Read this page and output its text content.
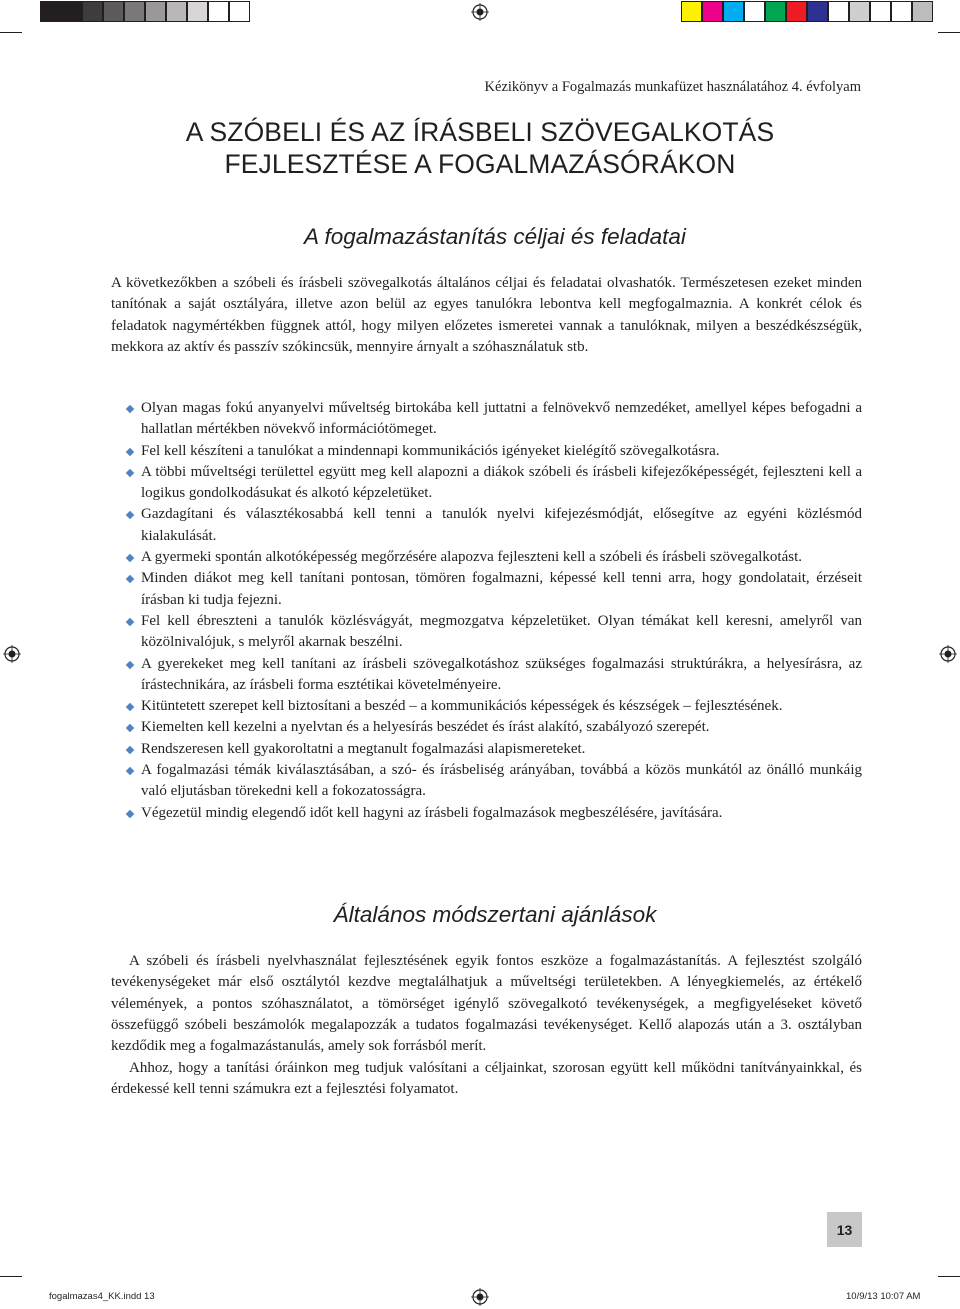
Kézikönyv a Fogalmazás munkafüzet használatához 4. évfolyam
A SZÓBELI ÉS AZ ÍRÁSBELI SZÖVEGALKOTÁS
FEJLESZTÉSE A FOGALMAZÁSÓRÁKON
A fogalmazástanítás céljai és feladatai

A következőkben a szóbeli és írásbeli szövegalkotás általános céljai és feladatai olvashatók. Természetesen ezeket minden tanítónak a saját osztályára, illetve azon belül az egyes tanulókra lebontva kell megfogalmaznia. A konkrét célok és feladatok nagymértékben függnek attól, hogy milyen előzetes ismeretei vannak a tanulóknak, milyen a beszédkészségük, mekkora az aktív és passzív szókincsük, mennyire árnyalt a szóhasználatuk stb.

Olyan magas fokú anyanyelvi műveltség birtokába kell juttatni a felnövekvő nemzedéket, amellyel képes befogadni a hallatlan mértékben növekvő információtömeget.
Fel kell készíteni a tanulókat a mindennapi kommunikációs igényeket kielégítő szövegalkotásra.
A többi műveltségi területtel együtt meg kell alapozni a diákok szóbeli és írásbeli kifejezőképességét, fejleszteni kell a logikus gondolkodásukat és alkotó képzeletüket.
Gazdagítani és választékosabbá kell tenni a tanulók nyelvi kifejezésmódját, elősegítve az egyéni közlésmód kialakulását.
A gyermeki spontán alkotóképesség megőrzésére alapozva fejleszteni kell a szóbeli és írásbeli szövegalkotást.
Minden diákot meg kell tanítani pontosan, tömören fogalmazni, képessé kell tenni arra, hogy gondolatait, érzéseit írásban ki tudja fejezni.
Fel kell ébreszteni a tanulók közlésvágyát, megmozgatva képzeletüket. Olyan témákat kell keresni, amelyről van közölnivalójuk, s melyről akarnak beszélni.
A gyerekeket meg kell tanítani az írásbeli szövegalkotáshoz szükséges fogalmazási struktúrákra, a helyesírásra, az írástechnikára, az írásbeli forma esztétikai követelményeire.
Kitüntetett szerepet kell biztosítani a beszéd – a kommunikációs képességek és készségek – fejlesztésének.
Kiemelten kell kezelni a nyelvtan és a helyesírás beszédet és írást alakító, szabályozó szerepét.
Rendszeresen kell gyakoroltatni a megtanult fogalmazási alapismereteket.
A fogalmazási témák kiválasztásában, a szó- és írásbeliség arányában, továbbá a közös munkától az önálló munkáig való eljutásban törekedni kell a fokozatosságra.
Végezetül mindig elegendő időt kell hagyni az írásbeli fogalmazások megbeszélésére, javítására.
Általános módszertani ajánlások

A szóbeli és írásbeli nyelvhasználat fejlesztésének egyik fontos eszköze a fogalmazástanítás. A fejlesztést szolgáló tevékenységeket már első osztálytól kezdve megtalálhatjuk a műveltségi területekben. A lényegkiemelés, az értékelő vélemények, a pontos szóhasználatot, a tömörséget igénylő szövegalkotó tevékenységek, a megfigyeléseket követő összefüggő szóbeli beszámolók megalapozzák a tudatos fogalmazási tevékenységet. Kellő alapozás után a 3. osztályban kezdődik meg a fogalmazástanulás, amely sok forrásból merít.

Ahhoz, hogy a tanítási óráinkon meg tudjuk valósítani a céljainkat, szorosan együtt kell működni tanítványainkkal, és érdekessé kell tenni számukra ezt a fejlesztési folyamatot.

13
fogalmazas4_KK.indd 13	10/9/13 10:07 AM
